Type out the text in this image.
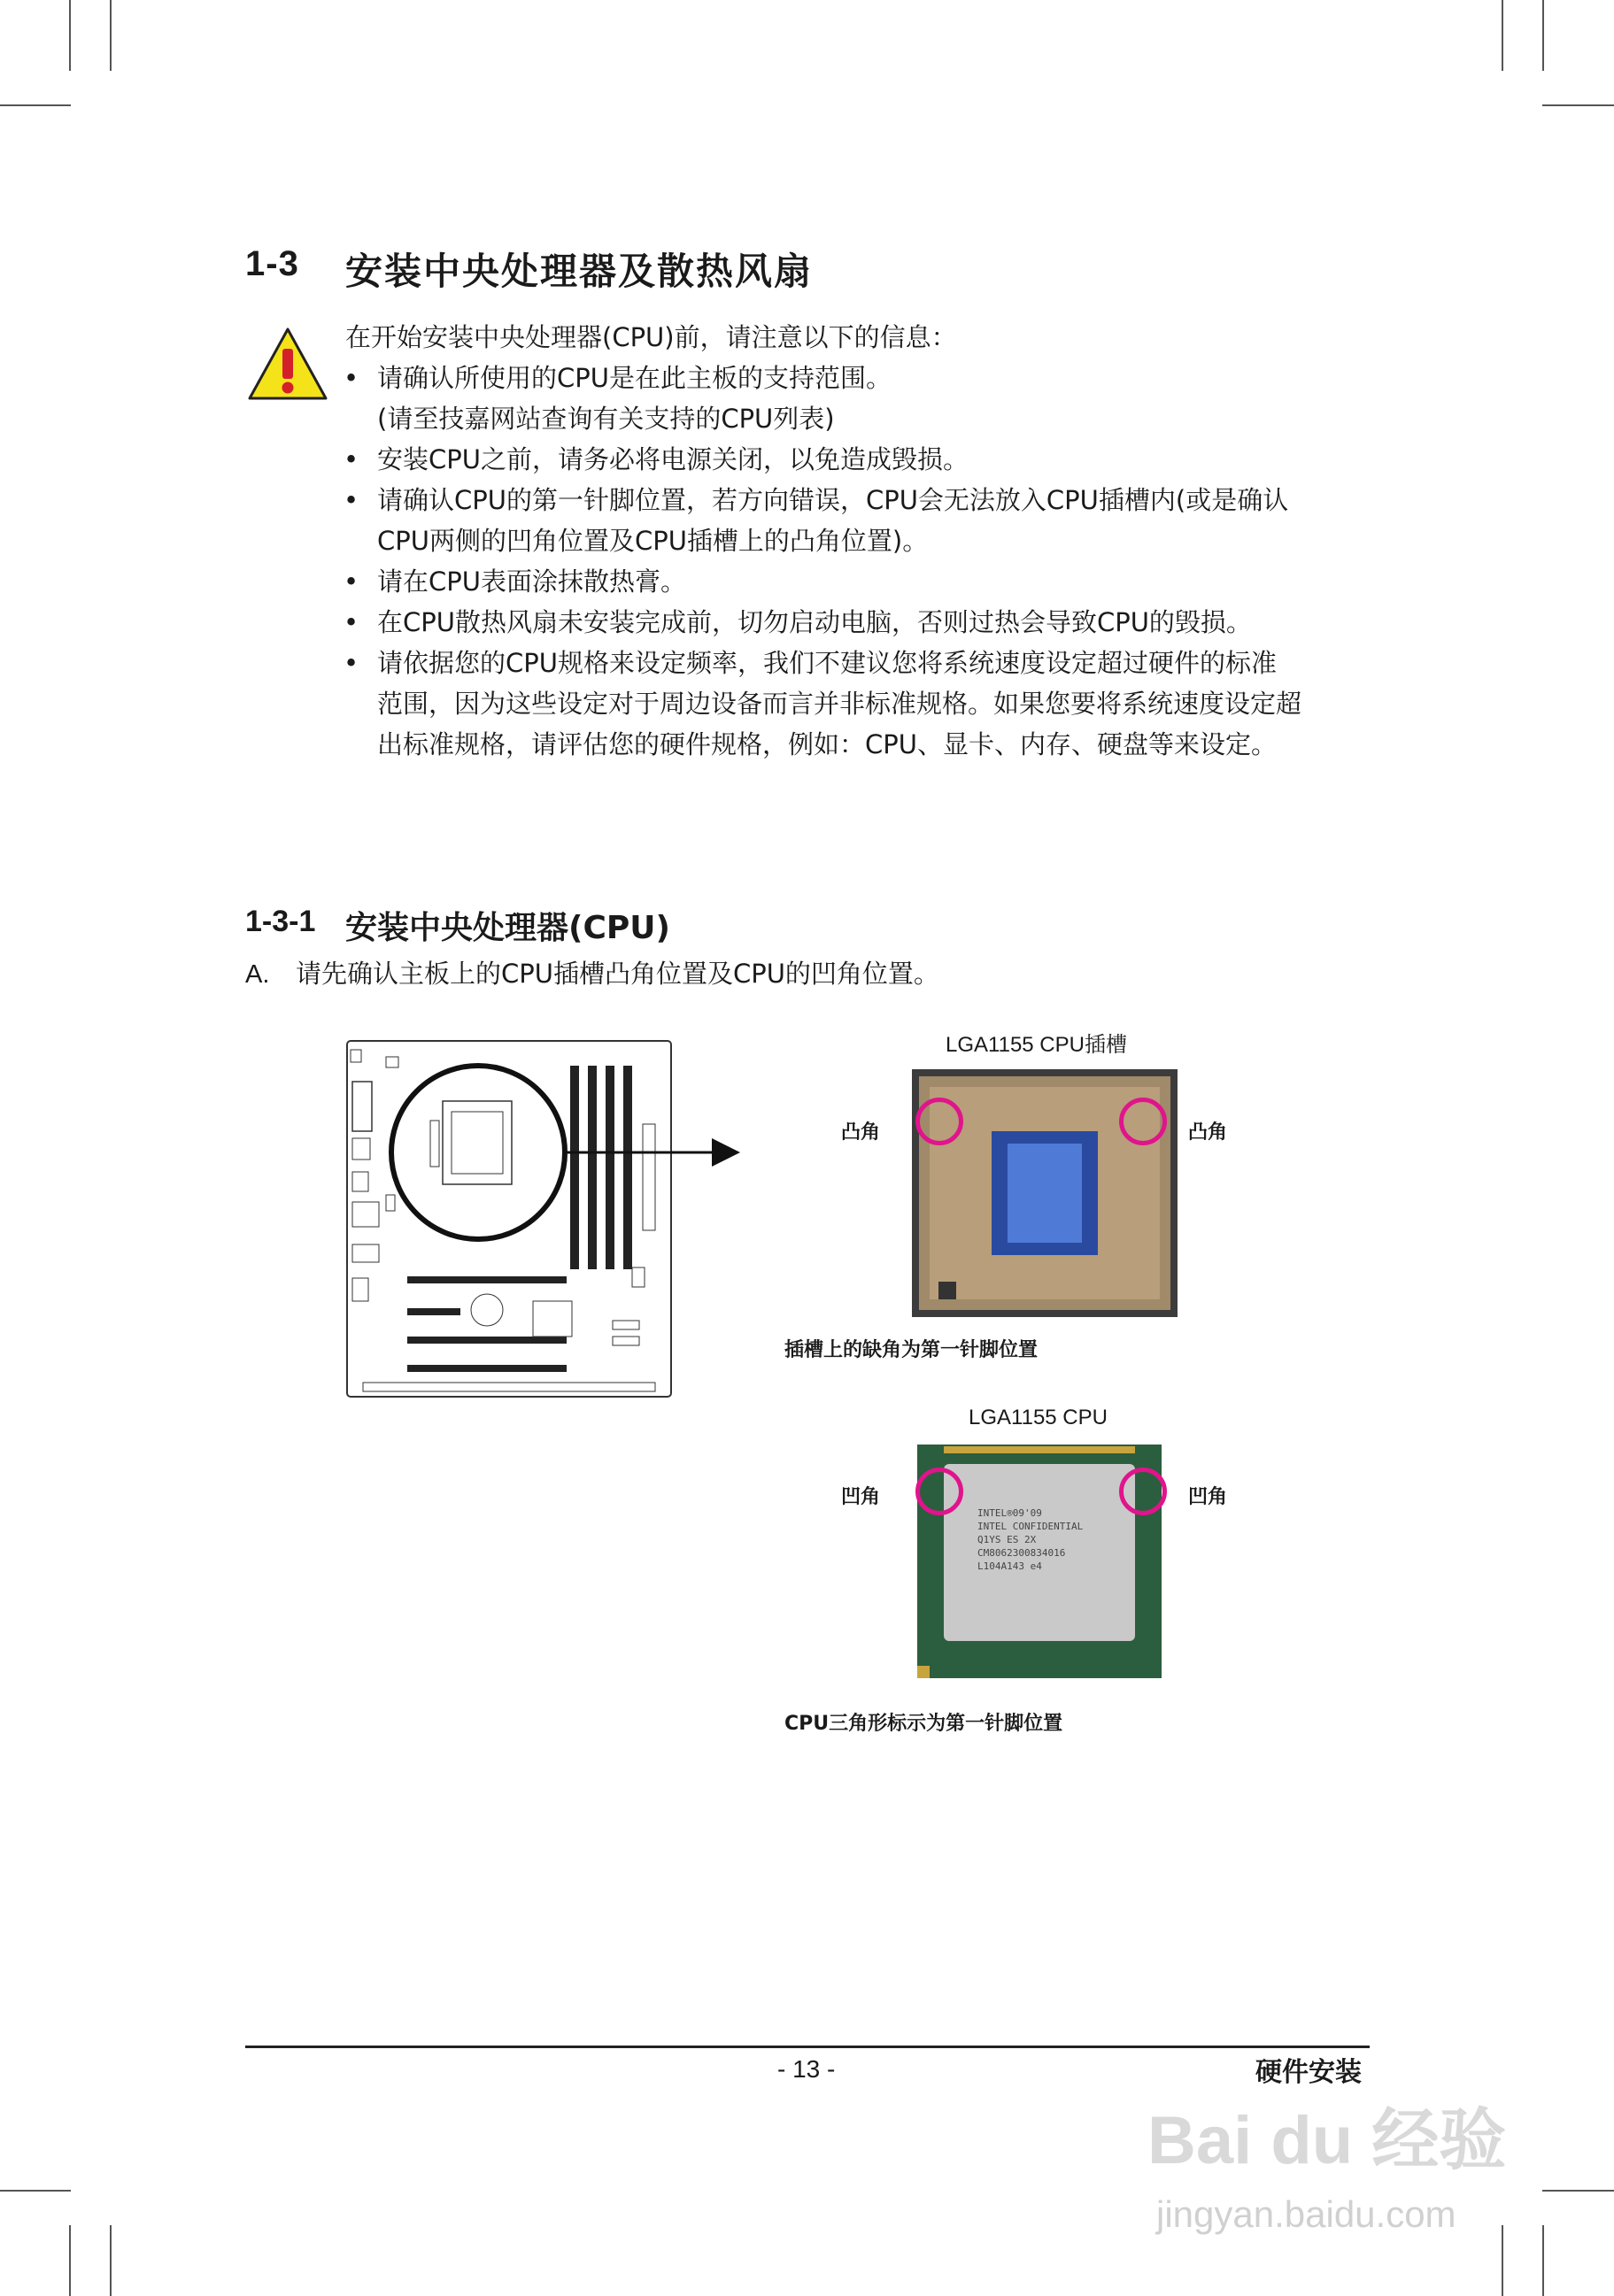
1-3 安装中央处理器及散热风扇
在开始安装中央处理器(CPU)前，请注意以下的信息：
• 请确认所使用的CPU是在此主板的支持范围。
(请至技嘉网站查询有关支持的CPU列表)
• 安装CPU之前，请务必将电源关闭，以免造成毁损。
• 请确认CPU的第一针脚位置，若方向错误，CPU会无法放入CPU插槽内(或是确认
CPU两侧的凹角位置及CPU插槽上的凸角位置)。
• 请在CPU表面涂抹散热膏。
• 在CPU散热风扇未安装完成前，切勿启动电脑，否则过热会导致CPU的毁损。
• 请依据您的CPU规格来设定频率，我们不建议您将系统速度设定超过硬件的标准
范围，因为这些设定对于周边设备而言并非标准规格。如果您要将系统速度设定超
出标准规格，请评估您的硬件规格，例如：CPU、显卡、内存、硬盘等来设定。
1-3-1 安装中央处理器(CPU)
A. 请先确认主板上的CPU插槽凸角位置及CPU的凹角位置。
LGA1155 CPU插槽
凸角	凸角
插槽上的缺角为第一针脚位置
LGA1155 CPU
INTEL®09'09
INTEL CONFIDENTIAL
Q1YS ES 2X
CM8062300834016
L104A143 e4
凹角	凹角
CPU三角形标示为第一针脚位置
- 13 -	硬件安装
Bai du 经验
jingyan.baidu.com
